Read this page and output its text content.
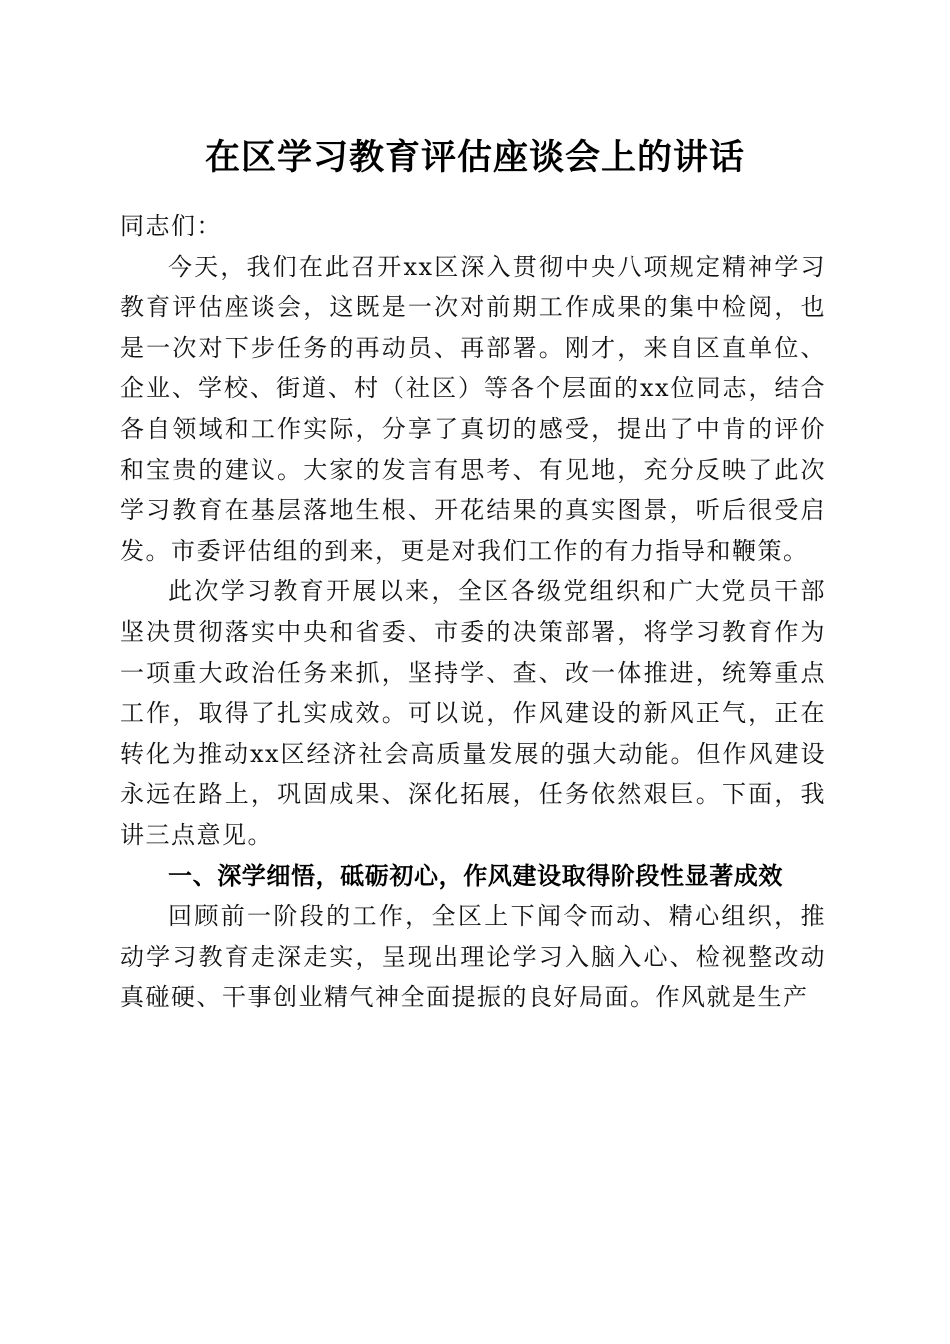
在区学习教育评估座谈会上的讲话

同志们：

今天，我们在此召开xx区深入贯彻中央八项规定精神学习教育评估座谈会，这既是一次对前期工作成果的集中检阅，也是一次对下步任务的再动员、再部署。刚才，来自区直单位、企业、学校、街道、村（社区）等各个层面的xx位同志，结合各自领域和工作实际，分享了真切的感受，提出了中肯的评价和宝贵的建议。大家的发言有思考、有见地，充分反映了此次学习教育在基层落地生根、开花结果的真实图景，听后很受启发。市委评估组的到来，更是对我们工作的有力指导和鞭策。

此次学习教育开展以来，全区各级党组织和广大党员干部坚决贯彻落实中央和省委、市委的决策部署，将学习教育作为一项重大政治任务来抓，坚持学、查、改一体推进，统筹重点工作，取得了扎实成效。可以说，作风建设的新风正气，正在转化为推动xx区经济社会高质量发展的强大动能。但作风建设永远在路上，巩固成果、深化拓展，任务依然艰巨。下面，我讲三点意见。

一、深学细悟，砥砺初心，作风建设取得阶段性显著成效

回顾前一阶段的工作，全区上下闻令而动、精心组织，推动学习教育走深走实，呈现出理论学习入脑入心、检视整改动真碰硬、干事创业精气神全面提振的良好局面。作风就是生产
